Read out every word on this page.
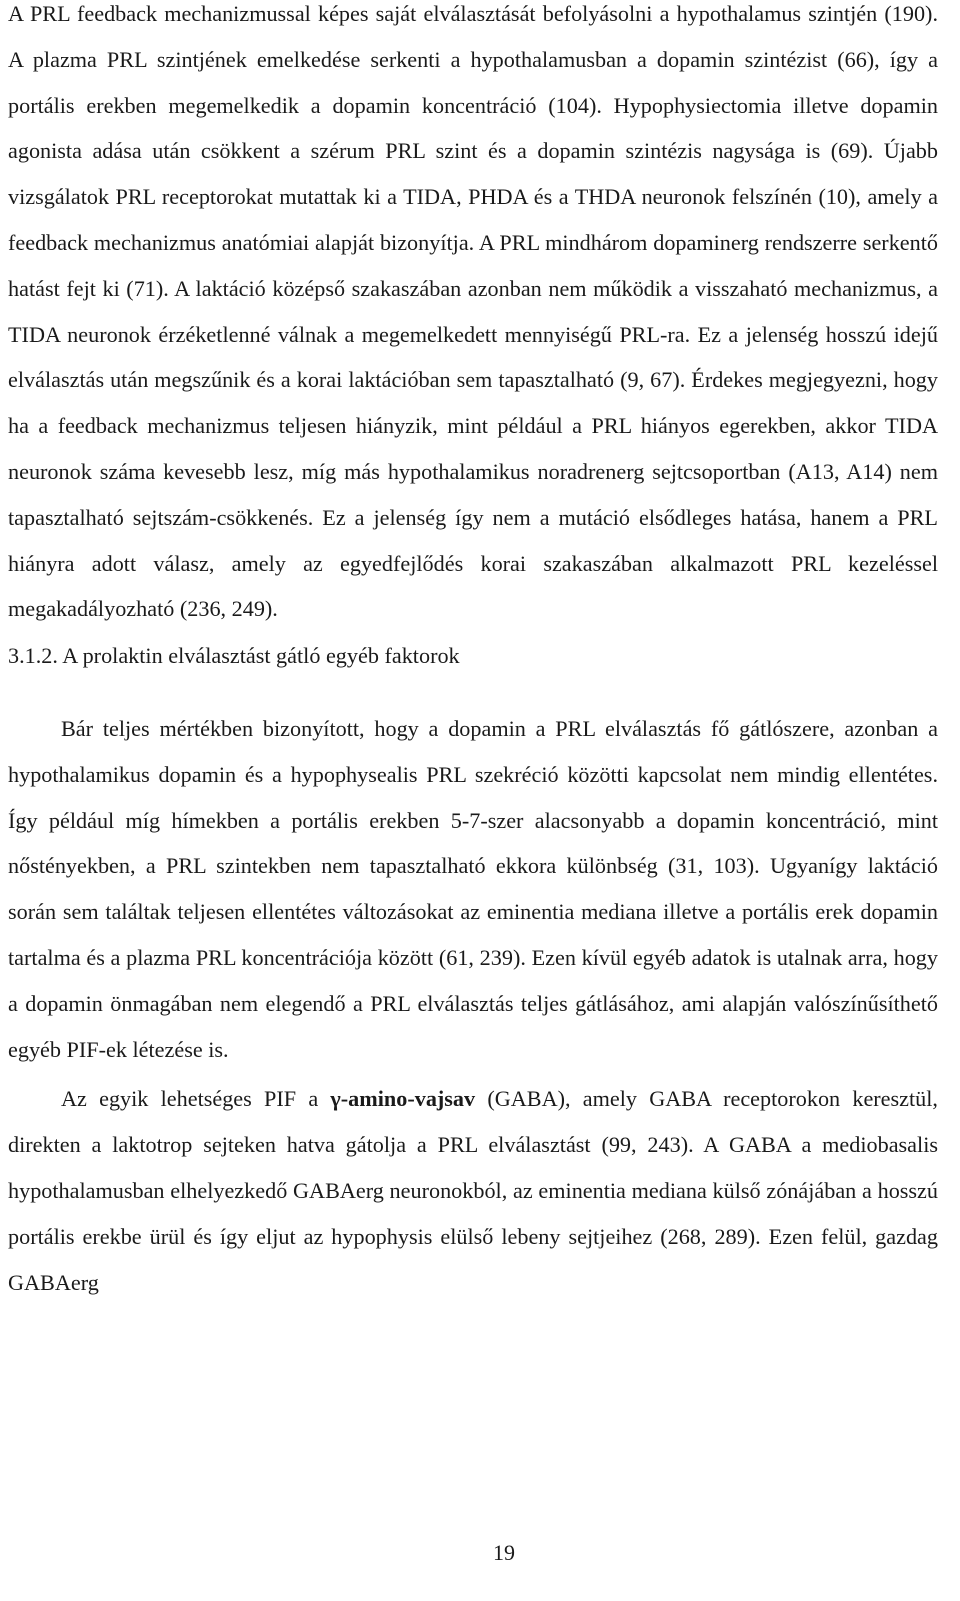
A PRL feedback mechanizmussal képes saját elválasztását befolyásolni a hypothalamus szintjén (190). A plazma PRL szintjének emelkedése serkenti a hypothalamusban a dopamin szintézist (66), így a portális erekben megemelkedik a dopamin koncentráció (104). Hypophysiectomia illetve dopamin agonista adása után csökkent a szérum PRL szint és a dopamin szintézis nagysága is (69). Újabb vizsgálatok PRL receptorokat mutattak ki a TIDA, PHDA és a THDA neuronok felszínén (10), amely a feedback mechanizmus anatómiai alapját bizonyítja. A PRL mindhárom dopaminerg rendszerre serkentő hatást fejt ki (71). A laktáció középső szakaszában azonban nem működik a visszaható mechanizmus, a TIDA neuronok érzéketlenné válnak a megemelkedett mennyiségű PRL-ra. Ez a jelenség hosszú idejű elválasztás után megszűnik és a korai laktációban sem tapasztalható (9, 67). Érdekes megjegyezni, hogy ha a feedback mechanizmus teljesen hiányzik, mint például a PRL hiányos egerekben, akkor TIDA neuronok száma kevesebb lesz, míg más hypothalamikus noradrenerg sejtcsoportban (A13, A14) nem tapasztalható sejtszám-csökkenés. Ez a jelenség így nem a mutáció elsődleges hatása, hanem a PRL hiányra adott válasz, amely az egyedfejlődés korai szakaszában alkalmazott PRL kezeléssel megakadályozható (236, 249).

3.1.2. A prolaktin elválasztást gátló egyéb faktorok

Bár teljes mértékben bizonyított, hogy a dopamin a PRL elválasztás fő gátlószere, azonban a hypothalamikus dopamin és a hypophysealis PRL szekréció közötti kapcsolat nem mindig ellentétes. Így például míg hímekben a portális erekben 5-7-szer alacsonyabb a dopamin koncentráció, mint nőstényekben, a PRL szintekben nem tapasztalható ekkora különbség (31, 103). Ugyanígy laktáció során sem találtak teljesen ellentétes változásokat az eminentia mediana illetve a portális erek dopamin tartalma és a plazma PRL koncentrációja között (61, 239). Ezen kívül egyéb adatok is utalnak arra, hogy a dopamin önmagában nem elegendő a PRL elválasztás teljes gátlásához, ami alapján valószínűsíthető egyéb PIF-ek létezése is.

Az egyik lehetséges PIF a γ-amino-vajsav (GABA), amely GABA receptorokon keresztül, direkten a laktotrop sejteken hatva gátolja a PRL elválasztást (99, 243). A GABA a mediobasalis hypothalamusban elhelyezkedő GABAerg neuronokból, az eminentia mediana külső zónájában a hosszú portális erekbe ürül és így eljut az hypophysis elülső lebeny sejtjeihez (268, 289). Ezen felül, gazdag GABAerg

19
